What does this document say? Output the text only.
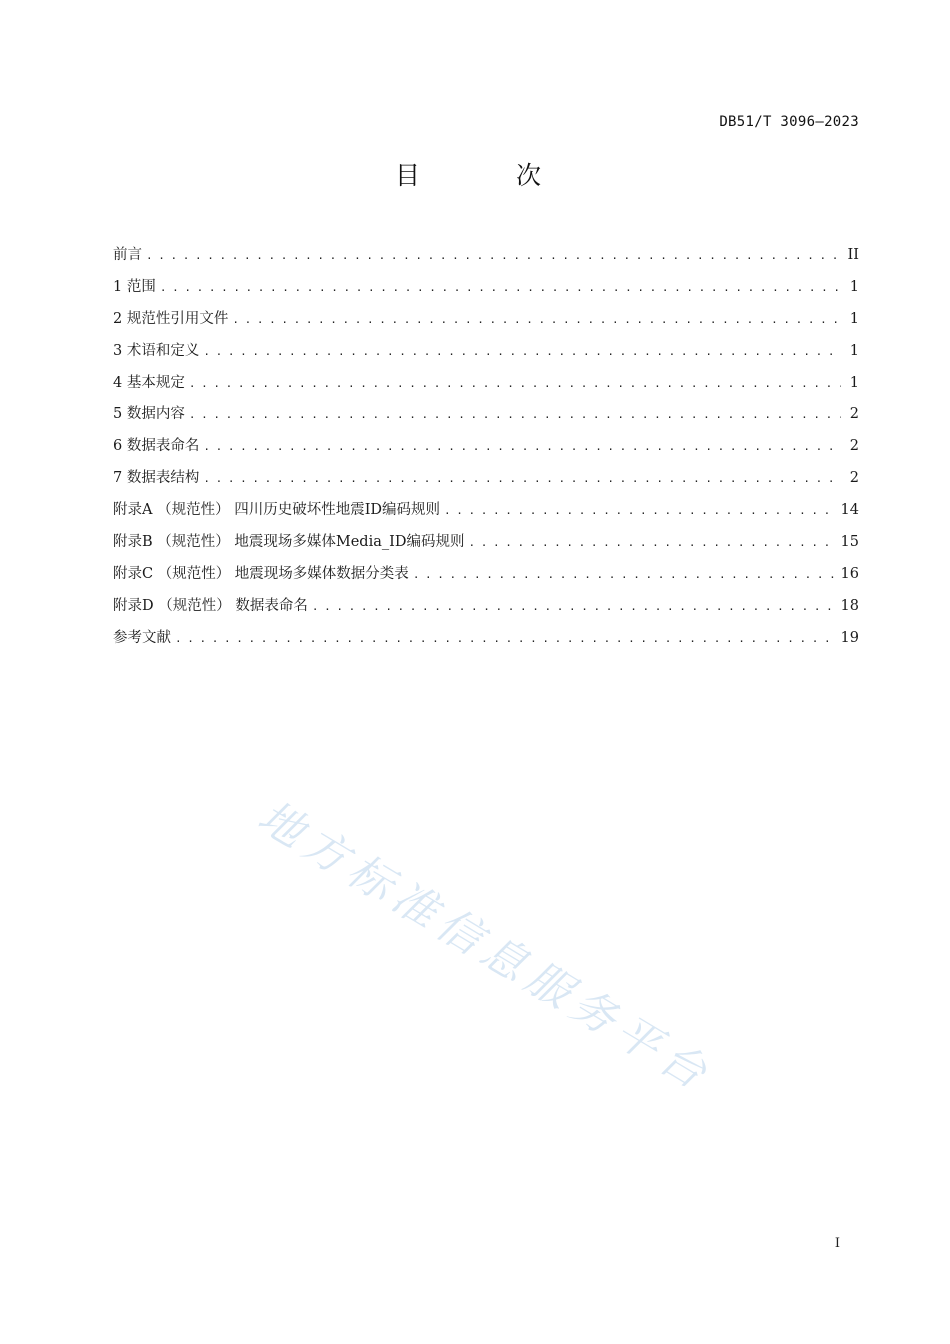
DB51/T 3096—2023
目 次
前言 . . .	II
1 范围 . . .	1
2 规范性引用文件 . . .	1
3 术语和定义 . . .	1
4 基本规定 . . .	1
5 数据内容 . . .	2
6 数据表命名 . . .	2
7 数据表结构 . . .	2
附录A （规范性） 四川历史破坏性地震ID编码规则 . . .	14
附录B （规范性） 地震现场多媒体Media_ID编码规则 . . .	15
附录C （规范性） 地震现场多媒体数据分类表 . . .	16
附录D （规范性） 数据表命名 . . .	18
参考文献 . . .	19
地方标准信息服务平台
I
